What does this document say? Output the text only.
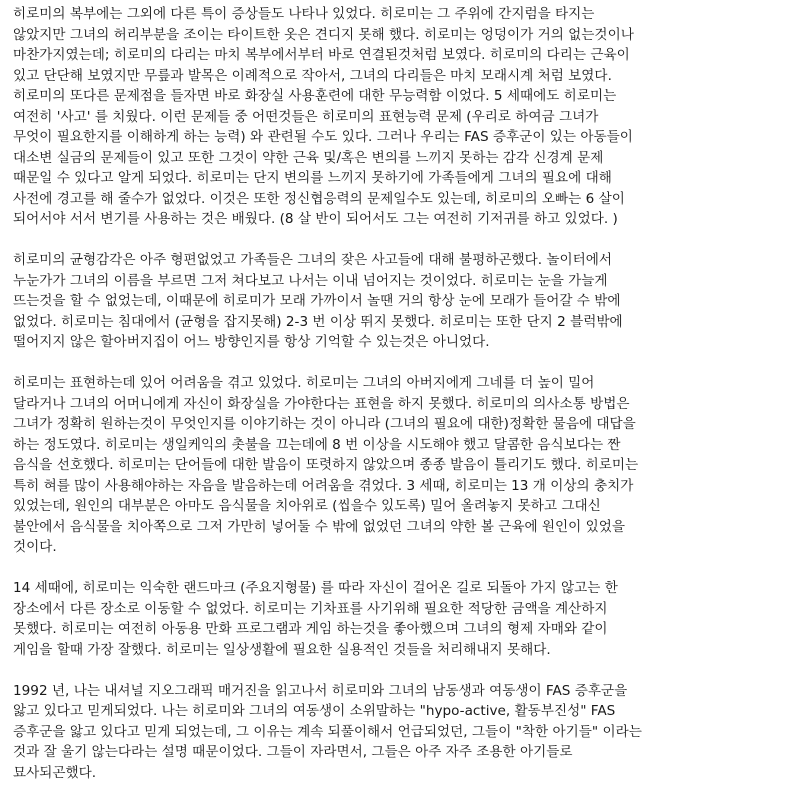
히로미의 복부에는 그외에 다른 특이 증상들도 나타나 있었다. 히로미는 그 주위에 간지럼을 타지는
않았지만 그녀의 허리부분을 조이는 타이트한 옷은 견디지 못해 했다. 히로미는 엉덩이가 거의 없는것이나
마찬가지였는데; 히로미의 다리는 마치 복부에서부터 바로 연결된것처럼 보였다. 히로미의 다리는 근육이
있고 단단해 보였지만 무릎과 발목은 이례적으로 작아서, 그녀의 다리들은 마치 모래시계 처럼 보였다.
히로미의 또다른 문제점을 들자면 바로 화장실 사용훈련에 대한 무능력함 이었다. 5 세때에도 히로미는
여전히 '사고' 를 치웠다. 이런 문제들 중 어떤것들은 히로미의 표현능력 문제 (우리로 하여금 그녀가
무엇이 필요한지를 이해하게 하는 능력) 와 관련될 수도 있다. 그러나 우리는 FAS 증후군이 있는 아동들이
대소변 실금의 문제들이 있고 또한 그것이 약한 근육 및/혹은 변의를 느끼지 못하는 감각 신경계 문제
때문일 수 있다고 알게 되었다. 히로미는 단지 변의를 느끼지 못하기에 가족들에게 그녀의 필요에 대해
사전에 경고를 해 줄수가 없었다. 이것은 또한 정신협응력의 문제일수도 있는데, 히로미의 오빠는 6 살이
되어서야 서서 변기를 사용하는 것은 배웠다. (8 살 반이 되어서도 그는 여전히 기저귀를 하고 있었다. )
히로미의 균형감각은 아주 형편없었고 가족들은 그녀의 잦은 사고들에 대해 불평하곤했다. 놀이터에서
누눈가가 그녀의 이름을 부르면 그저 쳐다보고 나서는 이내 넘어지는 것이었다. 히로미는 눈을 가늘게
뜨는것을 할 수 없었는데, 이때문에 히로미가 모래 가까이서 놀땐 거의 항상 눈에 모래가 들어갈 수 밖에
없었다. 히로미는 침대에서 (균형을 잡지못해) 2-3 번 이상 뛰지 못했다. 히로미는 또한 단지 2 블럭밖에
떨어지지 않은 할아버지집이 어느 방향인지를 항상 기억할 수 있는것은 아니었다.
히로미는 표현하는데 있어 어려움을 겪고 있었다. 히로미는 그녀의 아버지에게 그네를 더 높이 밀어
달라거나 그녀의 어머니에게 자신이 화장실을 가야한다는 표현을 하지 못했다. 히로미의 의사소통 방법은
그녀가 정확히 원하는것이 무엇인지를 이야기하는 것이 아니라 (그녀의 필요에 대한)정확한 물음에 대답을
하는 정도였다. 히로미는 생일케익의 촛불을 끄는데에 8 번 이상을 시도해야 했고 달콤한 음식보다는 짠
음식을 선호했다. 히로미는 단어들에 대한 발음이 또렷하지 않았으며 종종 발음이 틀리기도 했다. 히로미는
특히 혀를 많이 사용해야하는 자음을 발음하는데 어려움을 겪었다. 3 세때, 히로미는 13 개 이상의 충치가
있었는데, 원인의 대부분은 아마도 음식물을 치아위로 (씹을수 있도록) 밀어 올려놓지 못하고 그대신
불안에서 음식물을 치아쪽으로 그저 가만히 넣어둘 수 밖에 없었던 그녀의 약한 볼 근육에 원인이 있었을
것이다.
14 세때에, 히로미는 익숙한 랜드마크 (주요지형물) 를 따라 자신이 걸어온 길로 되돌아 가지 않고는 한
장소에서 다른 장소로 이동할 수 없었다. 히로미는 기차표를 사기위해 필요한 적당한 금액을 계산하지
못했다. 히로미는 여전히 아동용 만화 프로그램과 게임 하는것을 좋아했으며 그녀의 형제 자매와 같이
게임을 할때 가장 잘했다. 히로미는 일상생활에 필요한 실용적인 것들을 처리해내지 못해다.
1992 년, 나는 내셔널 지오그래픽 매거진을 읽고나서 히로미와 그녀의 남동생과 여동생이 FAS 증후군을
앓고 있다고 믿게되었다. 나는 히로미와 그녀의 여동생이 소위말하는 "hypo-active, 활동부진성" FAS
증후군을 앓고 있다고 믿게 되었는데, 그 이유는 계속 되풀이해서 언급되었던, 그들이 "착한 아기들" 이라는
것과 잘 울기 않는다라는 설명 때문이었다. 그들이 자라면서, 그들은 아주 자주 조용한 아기들로
묘사되곤했다.
